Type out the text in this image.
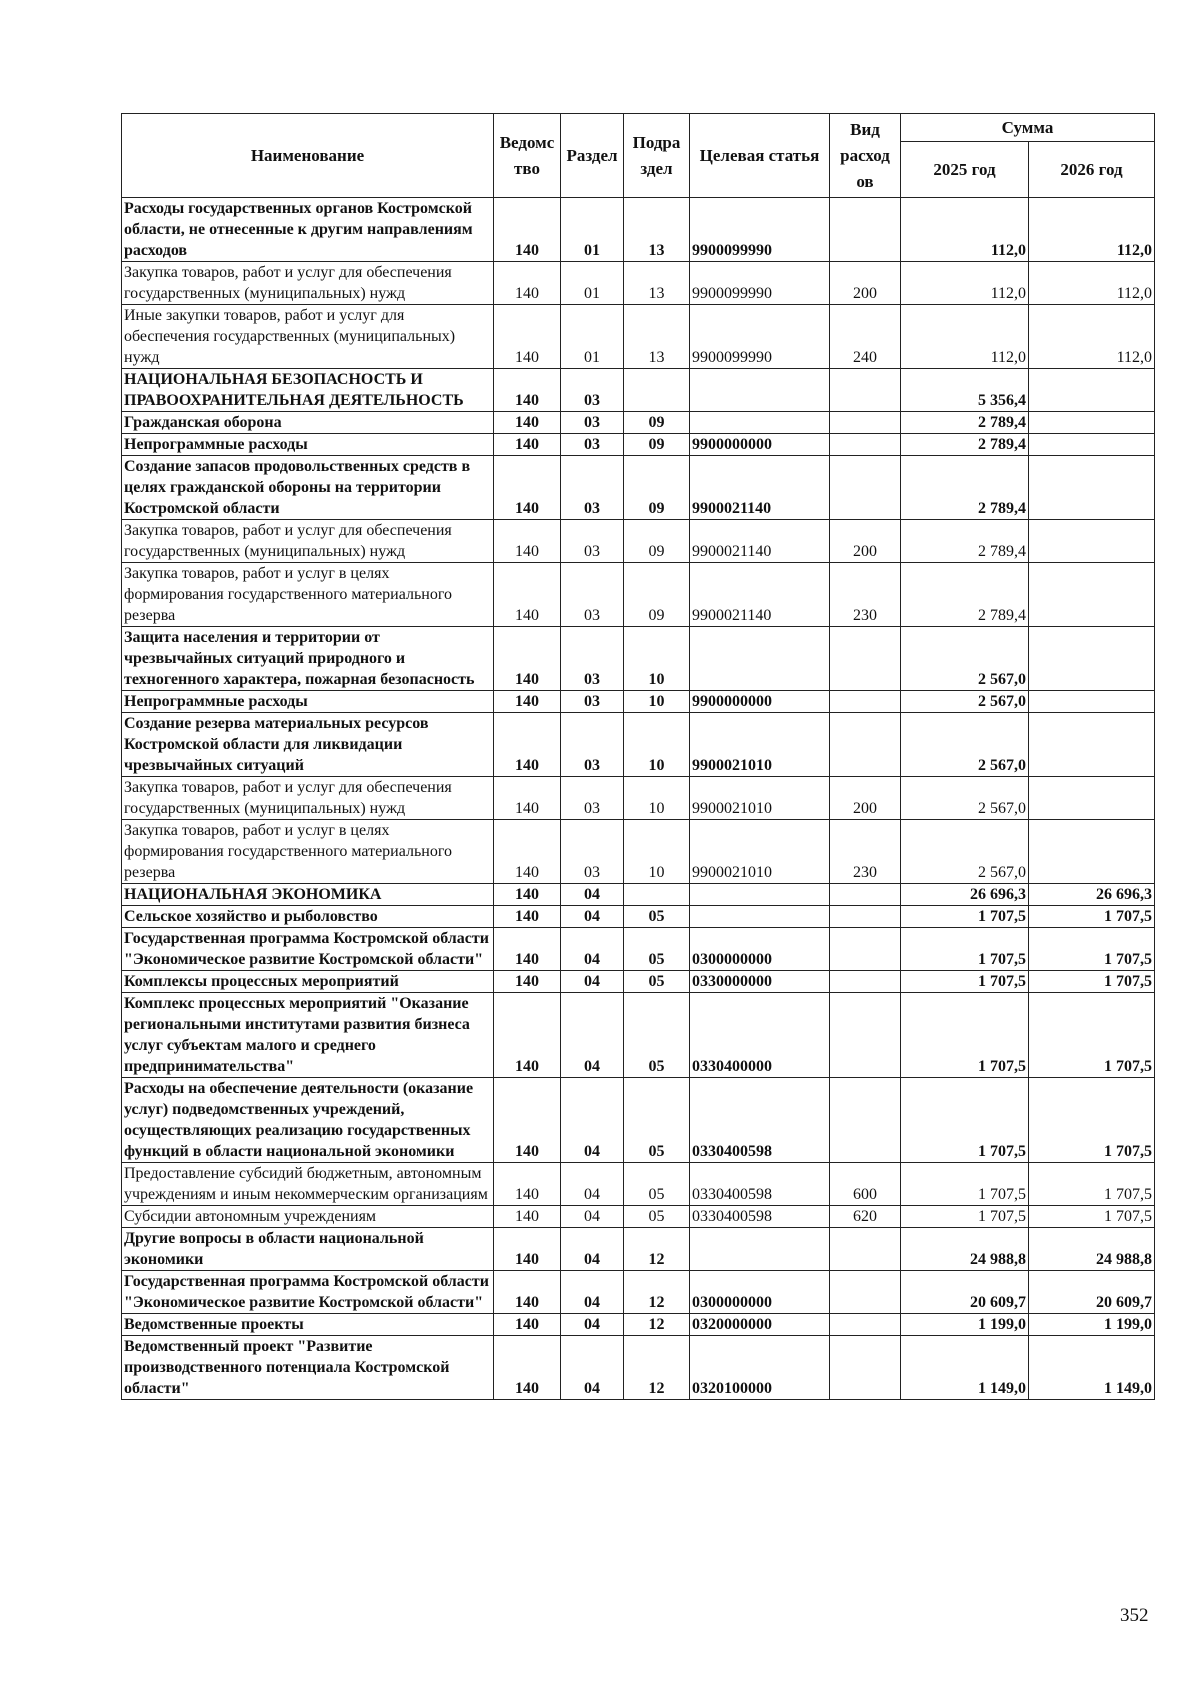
Наименование	Ведомс тво	Раздел	Подра здел	Целевая статья	Вид расход ов	Сумма	
						2025 год	2026 год
Расходы государственных органов Костромской области, не отнесенные к другим направлениям расходов	140	01	13	9900099990		112,0	112,0
Закупка товаров, работ и услуг для обеспечения государственных (муниципальных) нужд	140	01	13	9900099990	200	112,0	112,0
Иные закупки товаров, работ и услуг для обеспечения государственных (муниципальных) нужд	140	01	13	9900099990	240	112,0	112,0
НАЦИОНАЛЬНАЯ БЕЗОПАСНОСТЬ И ПРАВООХРАНИТЕЛЬНАЯ ДЕЯТЕЛЬНОСТЬ	140	03				5 356,4	
Гражданская оборона	140	03	09			2 789,4	
Непрограммные расходы	140	03	09	9900000000		2 789,4	
Создание запасов продовольственных средств в целях гражданской обороны на территории Костромской области	140	03	09	9900021140		2 789,4	
Закупка товаров, работ и услуг для обеспечения государственных (муниципальных) нужд	140	03	09	9900021140	200	2 789,4	
Закупка товаров, работ и услуг в целях формирования государственного материального резерва	140	03	09	9900021140	230	2 789,4	
Защита населения и территории от чрезвычайных ситуаций природного и техногенного характера, пожарная безопасность	140	03	10			2 567,0	
Непрограммные расходы	140	03	10	9900000000		2 567,0	
Создание резерва материальных ресурсов Костромской области для ликвидации чрезвычайных ситуаций	140	03	10	9900021010		2 567,0	
Закупка товаров, работ и услуг для обеспечения государственных (муниципальных) нужд	140	03	10	9900021010	200	2 567,0	
Закупка товаров, работ и услуг в целях формирования государственного материального резерва	140	03	10	9900021010	230	2 567,0	
НАЦИОНАЛЬНАЯ ЭКОНОМИКА	140	04				26 696,3	26 696,3
Сельское хозяйство и рыболовство	140	04	05			1 707,5	1 707,5
Государственная программа Костромской области "Экономическое развитие Костромской области"	140	04	05	0300000000		1 707,5	1 707,5
Комплексы процессных мероприятий	140	04	05	0330000000		1 707,5	1 707,5
Комплекс процессных мероприятий "Оказание региональными институтами развития бизнеса услуг субъектам малого и среднего предпринимательства"	140	04	05	0330400000		1 707,5	1 707,5
Расходы на обеспечение деятельности (оказание услуг) подведомственных учреждений, осуществляющих реализацию государственных функций в области национальной экономики	140	04	05	0330400598		1 707,5	1 707,5
Предоставление субсидий бюджетным, автономным учреждениям и иным некоммерческим организациям	140	04	05	0330400598	600	1 707,5	1 707,5
Субсидии автономным учреждениям	140	04	05	0330400598	620	1 707,5	1 707,5
Другие вопросы в области национальной экономики	140	04	12			24 988,8	24 988,8
Государственная программа Костромской области "Экономическое развитие Костромской области"	140	04	12	0300000000		20 609,7	20 609,7
Ведомственные проекты	140	04	12	0320000000		1 199,0	1 199,0
Ведомственный проект "Развитие производственного потенциала Костромской области"	140	04	12	0320100000		1 149,0	1 149,0
352
